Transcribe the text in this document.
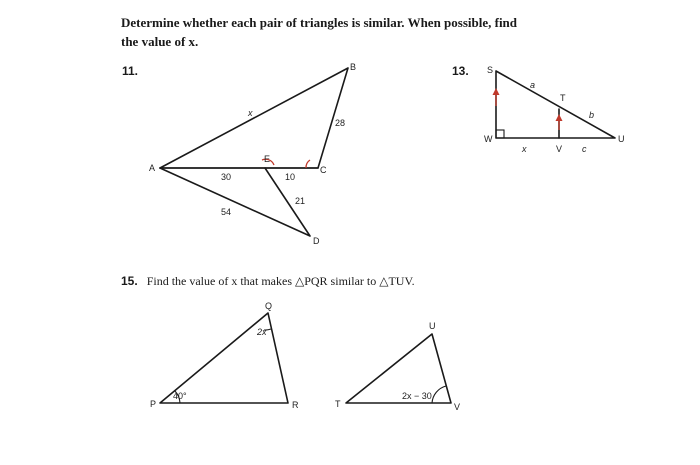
Determine whether each pair of triangles is similar. When possible, find
the value of x.
11.	13.
15. Find the value of x that makes △PQR similar to △TUV.
A
B
C
D
E
x
28
30	10
21
54
S
T
U
V
W
a
b
x	c
P
Q
R
40°
2x
T
U
V
2x − 30
